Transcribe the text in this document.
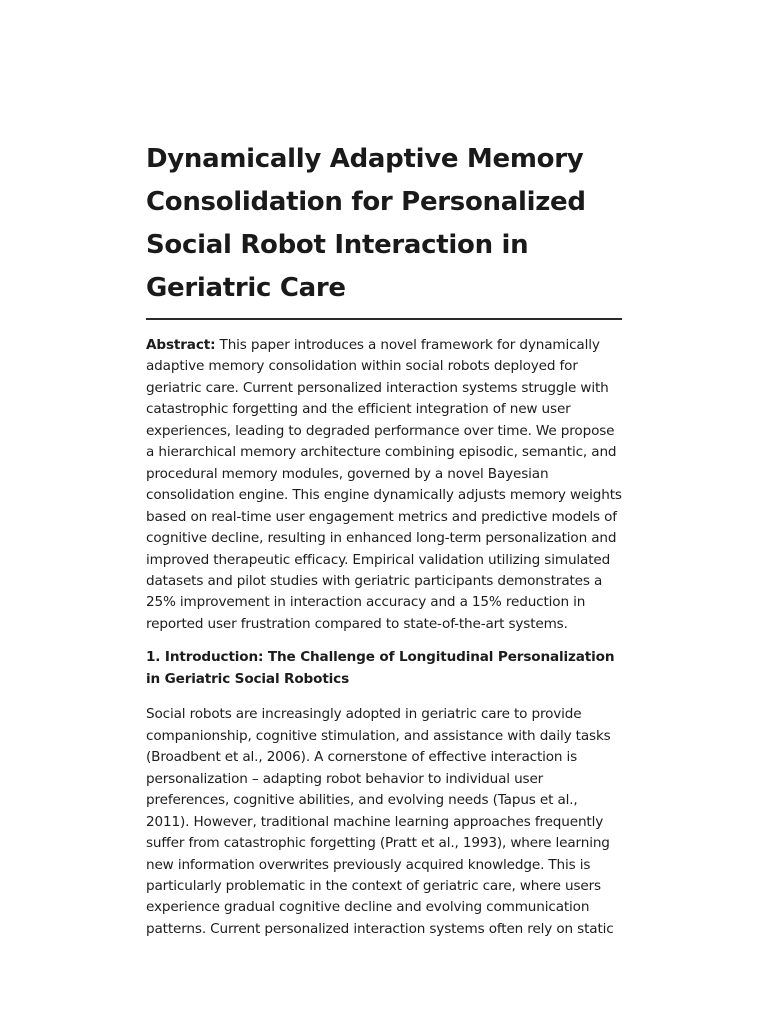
Dynamically Adaptive Memory Consolidation for Personalized Social Robot Interaction in Geriatric Care

Abstract: This paper introduces a novel framework for dynamically adaptive memory consolidation within social robots deployed for geriatric care. Current personalized interaction systems struggle with catastrophic forgetting and the efficient integration of new user experiences, leading to degraded performance over time. We propose a hierarchical memory architecture combining episodic, semantic, and procedural memory modules, governed by a novel Bayesian consolidation engine. This engine dynamically adjusts memory weights based on real-time user engagement metrics and predictive models of cognitive decline, resulting in enhanced long-term personalization and improved therapeutic efficacy. Empirical validation utilizing simulated datasets and pilot studies with geriatric participants demonstrates a 25% improvement in interaction accuracy and a 15% reduction in reported user frustration compared to state-of-the-art systems.

1. Introduction: The Challenge of Longitudinal Personalization in Geriatric Social Robotics

Social robots are increasingly adopted in geriatric care to provide companionship, cognitive stimulation, and assistance with daily tasks (Broadbent et al., 2006). A cornerstone of effective interaction is personalization – adapting robot behavior to individual user preferences, cognitive abilities, and evolving needs (Tapus et al., 2011). However, traditional machine learning approaches frequently suffer from catastrophic forgetting (Pratt et al., 1993), where learning new information overwrites previously acquired knowledge. This is particularly problematic in the context of geriatric care, where users experience gradual cognitive decline and evolving communication patterns. Current personalized interaction systems often rely on static
